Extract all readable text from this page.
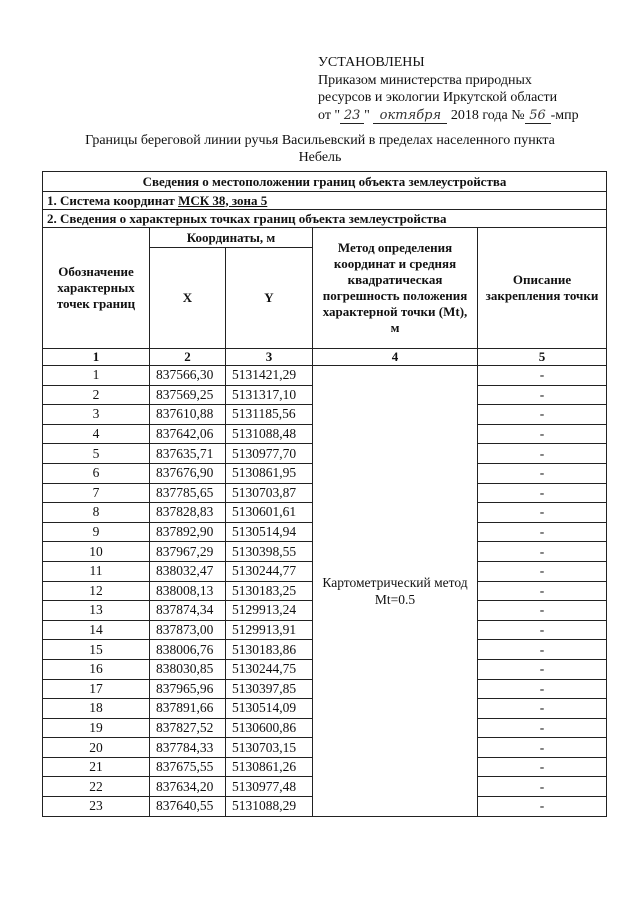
УСТАНОВЛЕНЫ
Приказом министерства природных
ресурсов и экологии Иркутской области
от " 23 " октября 2018 года № 56 -мпр
Границы береговой линии ручья Васильевский в пределах населенного пункта
Небель
Сведения о местоположении границ объекта землеустройства				
1. Система координат МСК 38, зона 5				
2. Сведения о характерных точках границ объекта землеустройства				
Обозначение характерных точек границ	Координаты, м		Метод определения координат и средняя квадратическая погрешность положения характерной точки (Mt), м	Описание закрепления точки
	X	Y		
1	2	3	4	5
1	837566,30	5131421,29	Картометрический метод Mt=0.5	-
2	837569,25	5131317,10		-
3	837610,88	5131185,56		-
4	837642,06	5131088,48		-
5	837635,71	5130977,70		-
6	837676,90	5130861,95		-
7	837785,65	5130703,87		-
8	837828,83	5130601,61		-
9	837892,90	5130514,94		-
10	837967,29	5130398,55		-
11	838032,47	5130244,77		-
12	838008,13	5130183,25		-
13	837874,34	5129913,24		-
14	837873,00	5129913,91		-
15	838006,76	5130183,86		-
16	838030,85	5130244,75		-
17	837965,96	5130397,85		-
18	837891,66	5130514,09		-
19	837827,52	5130600,86		-
20	837784,33	5130703,15		-
21	837675,55	5130861,26		-
22	837634,20	5130977,48		-
23	837640,55	5131088,29		-
